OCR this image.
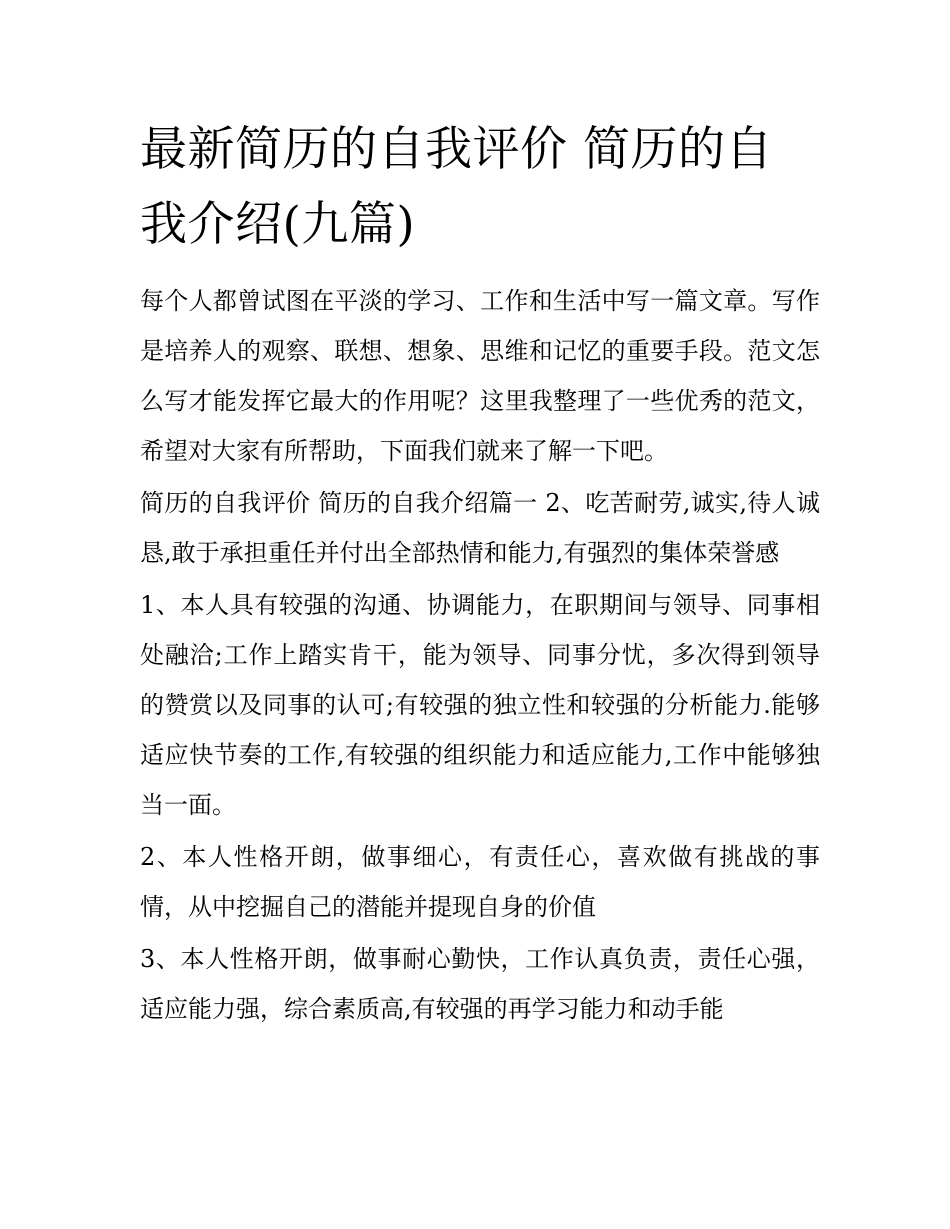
最新简历的自我评价 简历的自我介绍(九篇)

每个人都曾试图在平淡的学习、工作和生活中写一篇文章。写作是培养人的观察、联想、想象、思维和记忆的重要手段。范文怎么写才能发挥它最大的作用呢？这里我整理了一些优秀的范文，希望对大家有所帮助，下面我们就来了解一下吧。

简历的自我评价 简历的自我介绍篇一 2、吃苦耐劳,诚实,待人诚恳,敢于承担重任并付出全部热情和能力,有强烈的集体荣誉感

1、本人具有较强的沟通、协调能力，在职期间与领导、同事相处融洽;工作上踏实肯干，能为领导、同事分忧，多次得到领导的赞赏以及同事的认可;有较强的独立性和较强的分析能力.能够适应快节奏的工作,有较强的组织能力和适应能力,工作中能够独当一面。

2、本人性格开朗，做事细心，有责任心，喜欢做有挑战的事情，从中挖掘自己的潜能并提现自身的价值

3、本人性格开朗，做事耐心勤快，工作认真负责，责任心强，适应能力强，综合素质高,有较强的再学习能力和动手能
